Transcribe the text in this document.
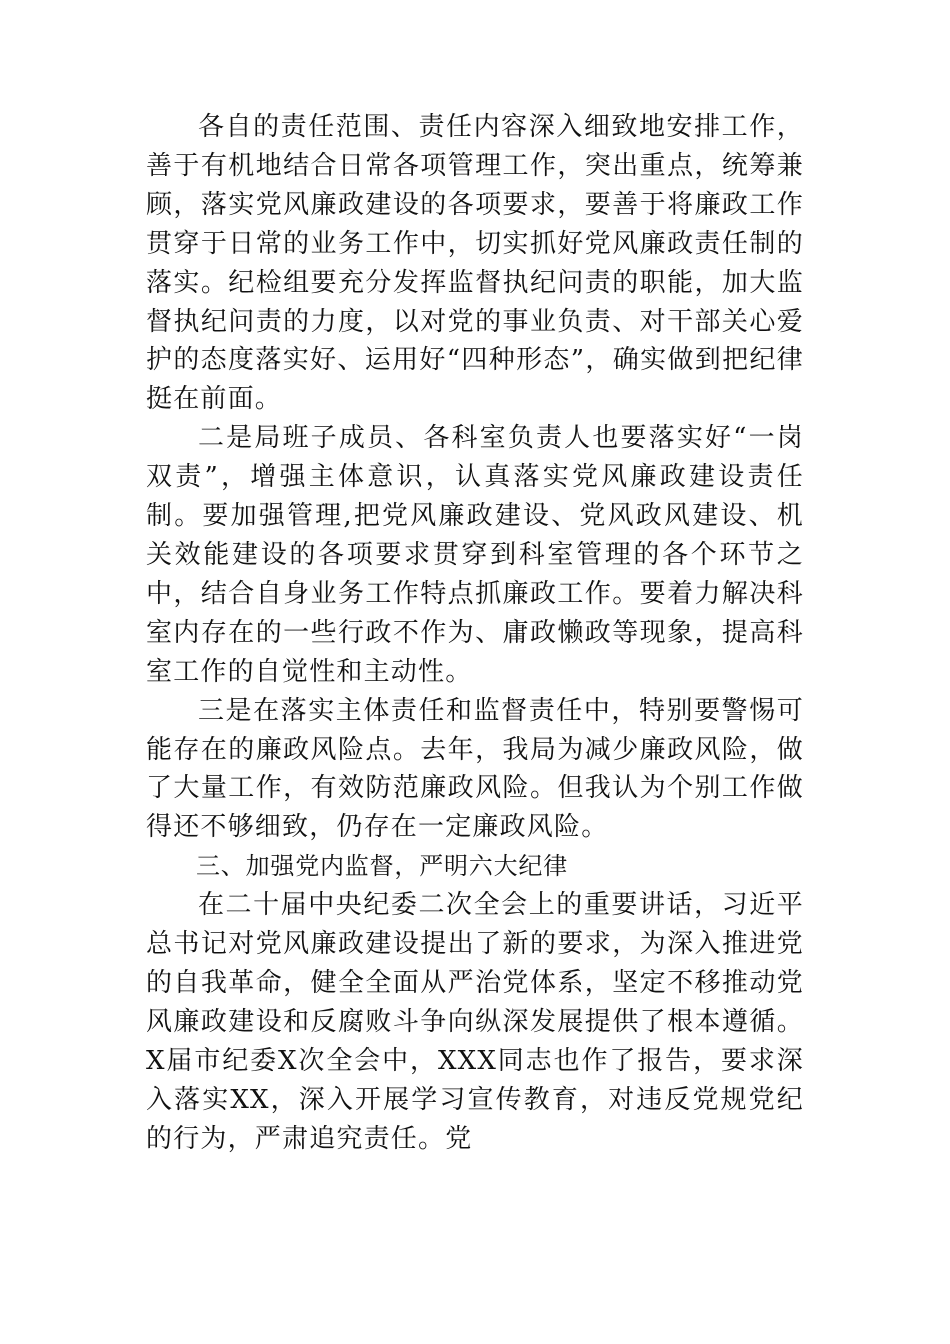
各自的责任范围、责任内容深入细致地安排工作，善于有机地结合日常各项管理工作，突出重点，统筹兼顾，落实党风廉政建设的各项要求，要善于将廉政工作贯穿于日常的业务工作中，切实抓好党风廉政责任制的落实。纪检组要充分发挥监督执纪问责的职能，加大监督执纪问责的力度，以对党的事业负责、对干部关心爱护的态度落实好、运用好“四种形态”，确实做到把纪律挺在前面。

二是局班子成员、各科室负责人也要落实好“一岗双责”，增强主体意识，认真落实党风廉政建设责任制。要加强管理,把党风廉政建设、党风政风建设、机关效能建设的各项要求贯穿到科室管理的各个环节之中，结合自身业务工作特点抓廉政工作。要着力解决科室内存在的一些行政不作为、庸政懒政等现象，提高科室工作的自觉性和主动性。

三是在落实主体责任和监督责任中，特别要警惕可能存在的廉政风险点。去年，我局为减少廉政风险，做了大量工作，有效防范廉政风险。但我认为个别工作做得还不够细致，仍存在一定廉政风险。

三、加强党内监督，严明六大纪律

在二十届中央纪委二次全会上的重要讲话，习近平总书记对党风廉政建设提出了新的要求，为深入推进党的自我革命，健全全面从严治党体系，坚定不移推动党风廉政建设和反腐败斗争向纵深发展提供了根本遵循。X届市纪委X次全会中，XXX同志也作了报告，要求深入落实XX，深入开展学习宣传教育，对违反党规党纪的行为，严肃追究责任。党
